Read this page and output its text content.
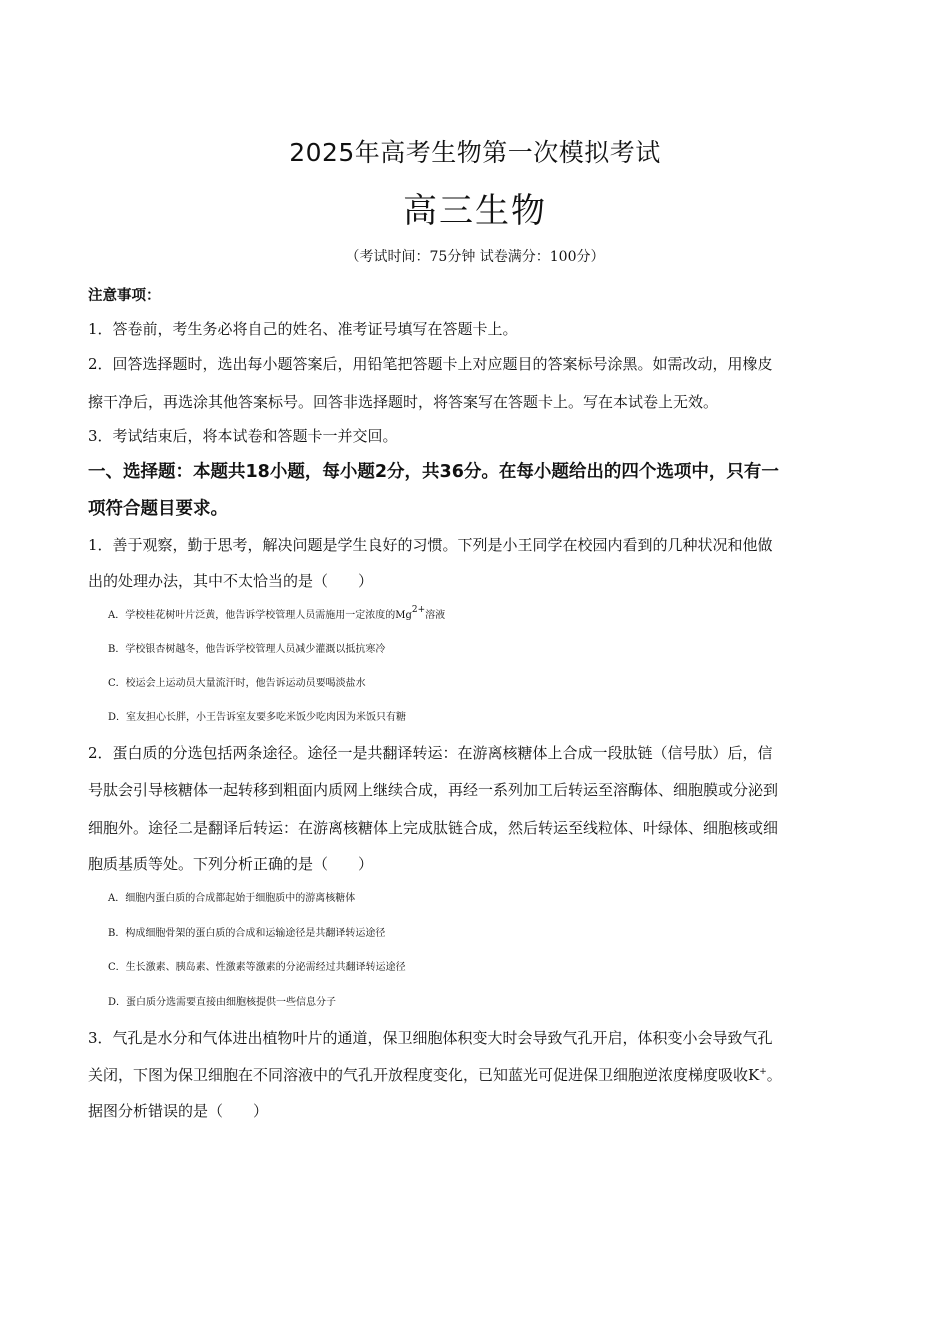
2025年高考生物第一次模拟考试
高三生物
（考试时间：75分钟 试卷满分：100分）
注意事项：
1．答卷前，考生务必将自己的姓名、准考证号填写在答题卡上。
2．回答选择题时，选出每小题答案后，用铅笔把答题卡上对应题目的答案标号涂黑。如需改动，用橡皮
擦干净后，再选涂其他答案标号。回答非选择题时，将答案写在答题卡上。写在本试卷上无效。
3．考试结束后，将本试卷和答题卡一并交回。
一、选择题：本题共18小题，每小题2分，共36分。在每小题给出的四个选项中，只有一
项符合题目要求。
1．善于观察，勤于思考，解决问题是学生良好的习惯。下列是小王同学在校园内看到的几种状况和他做
出的处理办法，其中不太恰当的是（　　）
A．学校桂花树叶片泛黄，他告诉学校管理人员需施用一定浓度的$Mg^{2+}$溶液
B．学校银杏树越冬，他告诉学校管理人员减少灌溉以抵抗寒冷
C．校运会上运动员大量流汗时，他告诉运动员要喝淡盐水
D．室友担心长胖，小王告诉室友要多吃米饭少吃肉因为米饭只有糖
2．蛋白质的分选包括两条途径。途径一是共翻译转运：在游离核糖体上合成一段肽链（信号肽）后，信
号肽会引导核糖体一起转移到粗面内质网上继续合成，再经一系列加工后转运至溶酶体、细胞膜或分泌到
细胞外。途径二是翻译后转运：在游离核糖体上完成肽链合成，然后转运至线粒体、叶绿体、细胞核或细
胞质基质等处。下列分析正确的是（　　）
A．细胞内蛋白质的合成都起始于细胞质中的游离核糖体
B．构成细胞骨架的蛋白质的合成和运输途径是共翻译转运途径
C．生长激素、胰岛素、性激素等激素的分泌需经过共翻译转运途径
D．蛋白质分选需要直接由细胞核提供一些信息分子
3．气孔是水分和气体进出植物叶片的通道，保卫细胞体积变大时会导致气孔开启，体积变小会导致气孔
关闭，下图为保卫细胞在不同溶液中的气孔开放程度变化，已知蓝光可促进保卫细胞逆浓度梯度吸收K+。
据图分析错误的是（　　）
